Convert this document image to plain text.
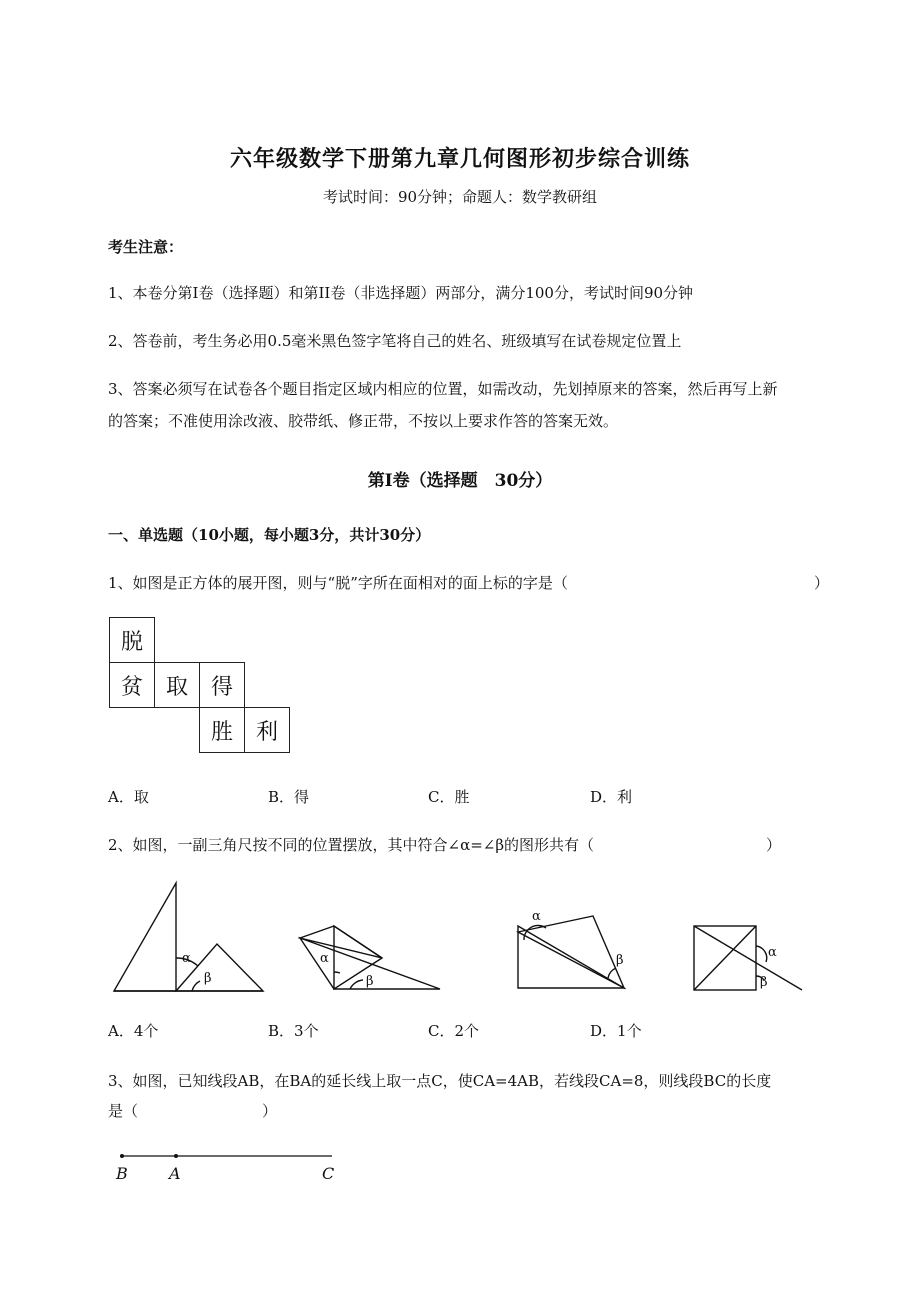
六年级数学下册第九章几何图形初步综合训练
考试时间：90分钟；命题人：数学教研组
考生注意：
1、本卷分第I卷（选择题）和第II卷（非选择题）两部分，满分100分，考试时间90分钟
2、答卷前，考生务必用0.5毫米黑色签字笔将自己的姓名、班级填写在试卷规定位置上
3、答案必须写在试卷各个题目指定区域内相应的位置，如需改动，先划掉原来的答案，然后再写上新
的答案；不准使用涂改液、胶带纸、修正带，不按以上要求作答的答案无效。
第I卷（选择题　30分）
一、单选题（10小题，每小题3分，共计30分）
1、如图是正方体的展开图，则与“脱”字所在面相对的面上标的字是（	）
脱			
贫	取	得	
		胜	利
A．取	B．得	C．胜	D．利
2、如图，一副三角尺按不同的位置摆放，其中符合∠α=∠β的图形共有（	）
α
β
α
β
α
β
α
β
A．4个	B．3个	C．2个	D．1个
3、如图，已知线段AB，在BA的延长线上取一点C，使CA=4AB，若线段CA=8，则线段BC的长度
是（	）
B	A	C
